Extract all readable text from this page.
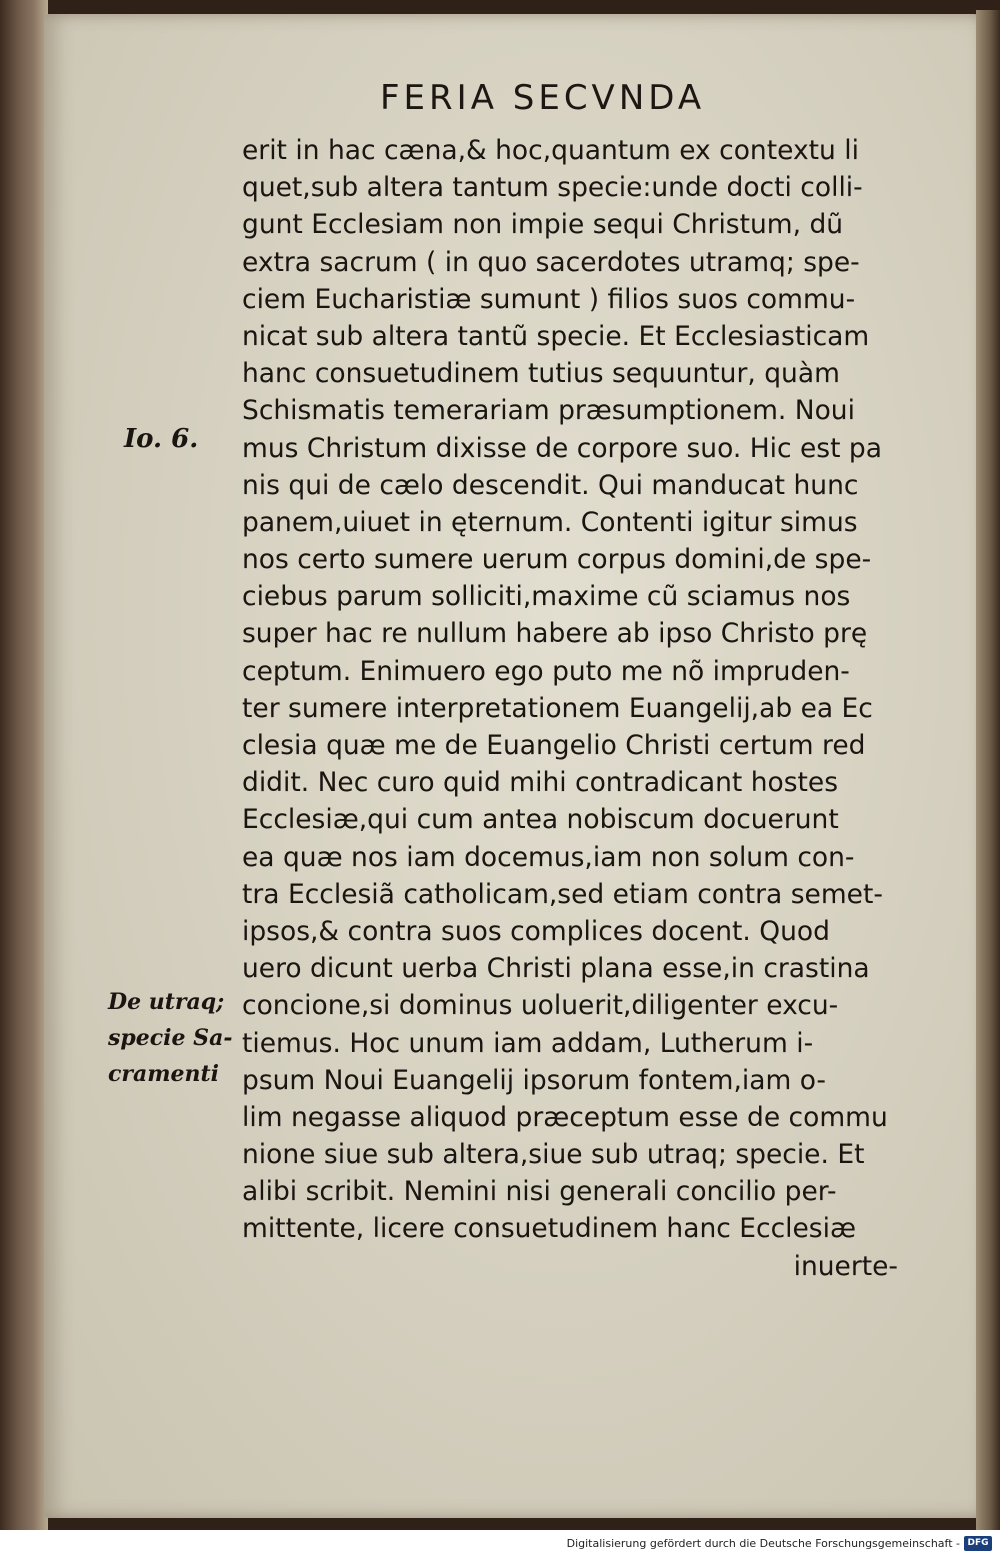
FERIA SECVNDA
erit in hac cæna,& hoc,quantum ex contextu li
quet,sub altera tantum specie:unde docti colli-
gunt Ecclesiam non impie sequi Christum, dũ
extra sacrum ( in quo sacerdotes utramq; spe-
ciem Eucharistiæ sumunt ) filios suos commu-
nicat sub altera tantũ specie. Et Ecclesiasticam
hanc consuetudinem tutius sequuntur, quàm
Schismatis temerariam præsumptionem. Noui
mus Christum dixisse de corpore suo. Hic est pa
nis qui de cælo descendit. Qui manducat hunc
panem,uiuet in ęternum. Contenti igitur simus
nos certo sumere uerum corpus domini,de spe-
ciebus parum solliciti,maxime cũ sciamus nos
super hac re nullum habere ab ipso Christo prę
ceptum. Enimuero ego puto me nõ impruden-
ter sumere interpretationem Euangelij,ab ea Ec
clesia quæ me de Euangelio Christi certum red
didit. Nec curo quid mihi contradicant hostes
Ecclesiæ,qui cum antea nobiscum docuerunt
ea quæ nos iam docemus,iam non solum con-
tra Ecclesiã catholicam,sed etiam contra semet-
ipsos,& contra suos complices docent. Quod
uero dicunt uerba Christi plana esse,in crastina
concione,si dominus uoluerit,diligenter excu-
tiemus. Hoc unum iam addam, Lutherum i-
psum Noui Euangelij ipsorum fontem,iam o-
lim negasse aliquod præceptum esse de commu
nione siue sub altera,siue sub utraq; specie. Et
alibi scribit. Nemini nisi generali concilio per-
mittente, licere consuetudinem hanc Ecclesiæ
inuerte-
Io. 6.
De utraq;
specie Sa-
cramenti
Digitalisierung gefördert durch die Deutsche Forschungsgemeinschaft - DFG
